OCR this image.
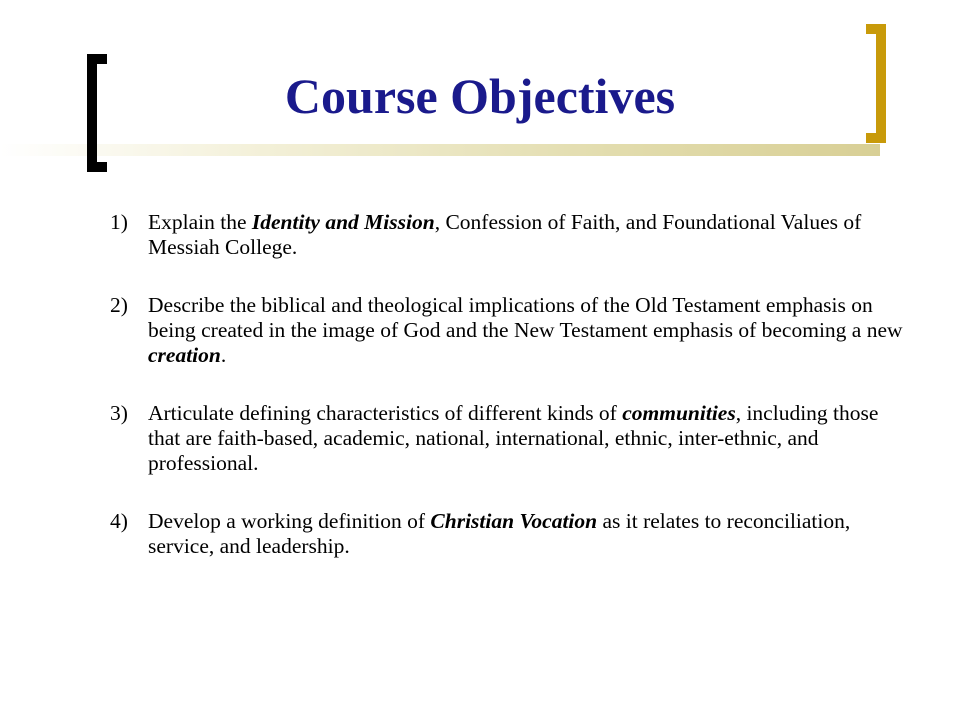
Course Objectives
1) Explain the Identity and Mission, Confession of Faith, and Foundational Values of Messiah College.
2) Describe the biblical and theological implications of the Old Testament emphasis on being created in the image of God and the New Testament emphasis of becoming a new creation.
3) Articulate defining characteristics of different kinds of communities, including those that are faith-based, academic, national, international, ethnic, inter-ethnic, and professional.
4) Develop a working definition of Christian Vocation as it relates to reconciliation, service, and leadership.
